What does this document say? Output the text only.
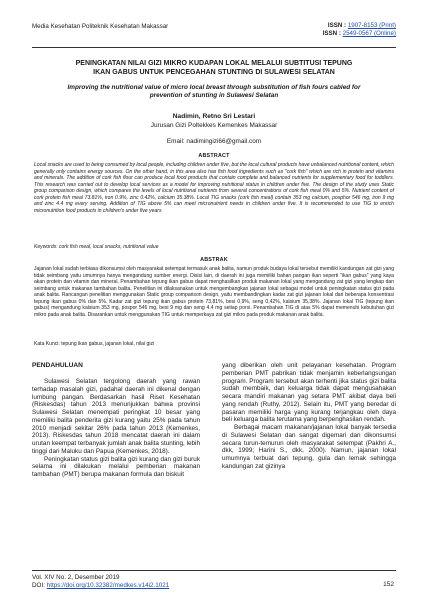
Media Kesehatan Politeknik Kesehatan Makassar	ISSN : 1907-8153 (Print)
ISSN : 2549-0567 (Online)
PENINGKATAN NILAI GIZI MIKRO KUDAPAN LOKAL MELALUI SUBTITUSI TEPUNG
IKAN GABUS UNTUK PENCEGAHAN STUNTING DI SULAWESI SELATAN
Improving the nutritional value of micro local breast through substitution of fish fours cabled for
prevention of stunting in Sulawesi Selatan
Nadimin, Retno Sri Lestari
Jurusan Gizi Poltekkes Kemenkes Makassar
Email: nadimingizi66@gmail.com
ABSTRACT

Local snacks are used to being consumed by local people, including children under five, but the local cultural products have unbalanced nutritional content, which generally only contains energy sources. On the other hand, in this area also has fish food ingredients such as "cork fish" which are rich in protein and vitamins and minerals. The addition of cork fish flour can produce local food products that contain complete and balanced nutrients for supplementary food for toddlers. This research was carried out to develop local services as a model for improving nutritional status in children under five. The design of the study uses Static group comparison design, which compares the levels of local nutritional nutrients from several concentrations of cork fish meal 0% and 5%. Nutrient content of cork protein fish meal 73.81%, iron 0.9%, zinc 0.42%, calcium 35.38%. Local TIG snacks (cork fish meal) contain 353 mg calcium, posphor 546 mg, iron 9 mg and zinc 4.4 mg every serving. Addition of TIG above 5% can meet micronutrient needs in children under five. It is recommended to use TIG to enrich micronutrition food products in children's under five years

Keywords: cork fish meal, local snacks, nutritional value
ABSTRAK

Jajanan lokal sudah terbiasa dikonsumsi oleh masyarakat setempat termasuk anak balita, namun produk budaya lokal tersebut memiliki kandungan zat gizi yang tidak seimbang yaitu umumnya hanya mengandung sumber energi. Disisi lain, di daerah ini juga memiliki bahan pangan ikan seperti "ikan gabus" yang kaya akan protein dan vitamin dan mineral. Penambahan tepung ikan gabus dapat menghasilkan produk makanan lokal yang mengandung zat gizi yang lengkap dan seimbang untuk makanan tambahan balita. Penelitian ini dilaksanakan untuk mengembangkan jajanan lokal sebagai model untuk peningkatan status gizi pada anak balita. Rancangan penelitian menggunakan Static group comparison design, yaitu membandingkan kadar zat gizi jajanan lokal dari beberapa konsentrasi tepung ikan gabus 0% dan 5%. Kadar zat gizi tepung ikan gabus protein 73,81%, besi 0,9%, seng 0,42%, kalsium 35,38%. Jajanan lokal TIG (tepung ikan gabus) mengandung kalsium 353 mg, pospor 546 mg, besi 9 mg dan seng 4.4 mg setiap porsi. Penambahan TIG di atas 5% dapat memenuhi kebutuhan gizi mikro pada anak balita. Disarankan untuk menggunakan TIG untuk memperkaya zat gizi mikro pada produk makanan anak balita.

Kata Kunci: tepung ikan gabus, jajanan lokal, nilai gizi
PENDAHULUAN

Sulawesi Selatan tergolong daerah yang rawan terhadap masalah gizi, padahal daerah ini dikenal dengan lumbung pangan. Berdasarkan hasil Riset Kesehatan (Riskesdas) tahun 2013 menunjukkan bahwa provinsi Sulawesi Selatan menempati peringkat 10 besar yang memiliki balita penderita gizi kurang yaitu 25% pada tahun 2010 menjadi sekitar 26% pada tahun 2013 (Kemenkes, 2013). Riskesdas tahun 2018 mencatat daerah ini dalam urutan keempat terbanyak jumlah anak balita stunting, lebih tinggi dari Maluku dan Papua (Kemenkes, 2018).

Peningkatan status gizi balita gizi kurang dan gizi buruk selama ini dilakukan melalui pemberian makanan tambahan (PMT) berupa makanan formula dan biskuit

yang diberikan oleh unit pelayanan kesehatan. Program pemberian PMT pabrikan tidak menjamin keberlangsungan program. Program tersebut akan terhenti jika status gizi balita sudah membaik, dan keluarga tidak dapat mengusahakan secara mandiri makanan yag setara PMT akibat daya beli yang rendah (Ruthy, 2012). Selain itu, PMT yang beredar di pasaran memiliki harga yang kurang terjangkau oleh daya beli keluarga balita terutama yang berpenghasilan rendah.

Berbagai macam makanan/jajanan lokal banyak tersedia di Sulawesi Selatan dan sangat digemari dan dikonsumsi secara turun-temurun oleh masyarakat setempat (Pakhri A., dkk, 1999; Harini S., dkk, 2000). Namun, jajanan lokal umumnya terbuat dari tepung, gula dan lemak sehingga kandungan zat gizinya

Vol. XIV No. 2, Desember 2019
DOI: https://doi.org/10.32382/medkes.v14i2.1021	152
